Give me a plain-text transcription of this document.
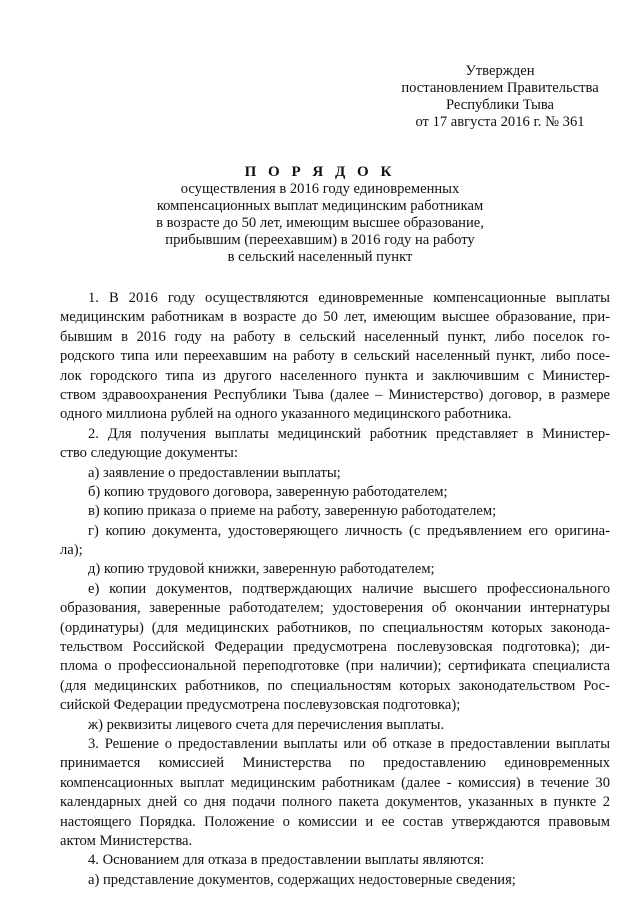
Утвержден
постановлением Правительства
Республики Тыва
от 17 августа 2016 г. № 361
П О Р Я Д О К
осуществления в 2016 году единовременных
компенсационных выплат медицинским работникам
в возрасте до 50 лет, имеющим высшее образование,
прибывшим (переехавшим) в 2016 году на работу
в сельский населенный пункт
1. В 2016 году осуществляются единовременные компенсационные выплаты
медицинским работникам в возрасте до 50 лет, имеющим высшее образование, при-
бывшим в 2016 году на работу в сельский населенный пункт, либо поселок го-
родского типа или переехавшим на работу в сельский населенный пункт, либо посе-
лок городского типа из другого населенного пункта и заключившим с Министер-
ством здравоохранения Республики Тыва (далее – Министерство) договор, в размере
одного миллиона рублей на одного указанного медицинского работника.
2. Для получения выплаты медицинский работник представляет в Министер-
ство следующие документы:
а) заявление о предоставлении выплаты;
б) копию трудового договора, заверенную работодателем;
в) копию приказа о приеме на работу, заверенную работодателем;
г) копию документа, удостоверяющего личность (с предъявлением его оригина-
ла);
д) копию трудовой книжки, заверенную работодателем;
е) копии документов, подтверждающих наличие высшего профессионального
образования, заверенные работодателем; удостоверения об окончании интернатуры
(ординатуры) (для медицинских работников, по специальностям которых законода-
тельством Российской Федерации предусмотрена послевузовская подготовка); ди-
плома о профессиональной переподготовке (при наличии); сертификата специалиста
(для медицинских работников, по специальностям которых законодательством Рос-
сийской Федерации предусмотрена послевузовская подготовка);
ж) реквизиты лицевого счета для перечисления выплаты.
3. Решение о предоставлении выплаты или об отказе в предоставлении выплаты
принимается комиссией Министерства по предоставлению единовременных
компенсационных выплат медицинским работникам (далее - комиссия) в течение 30
календарных дней со дня подачи полного пакета документов, указанных в пункте 2
настоящего Порядка. Положение о комиссии и ее состав утверждаются правовым
актом Министерства.
4. Основанием для отказа в предоставлении выплаты являются:
а) представление документов, содержащих недостоверные сведения;
